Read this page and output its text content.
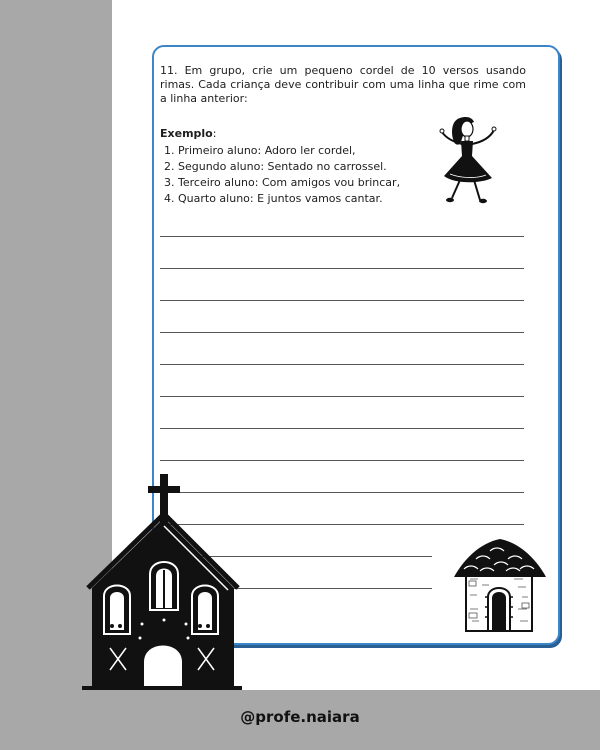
11. Em grupo, crie um pequeno cordel de 10 versos usando rimas. Cada criança deve contribuir com uma linha que rime com a linha anterior:

Exemplo:

1. Primeiro aluno: Adoro ler cordel,
2. Segundo aluno: Sentado no carrossel.
3. Terceiro aluno: Com amigos vou brincar,
4. Quarto aluno: E juntos vamos cantar.
@profe.naiara
